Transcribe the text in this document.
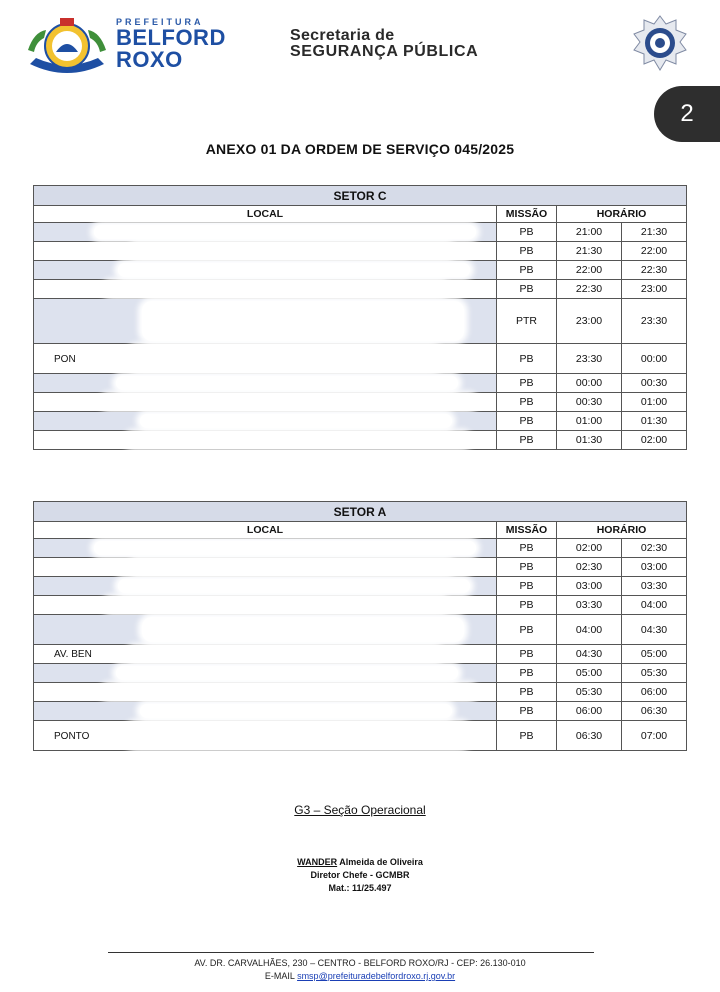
PREFEITURA
BELFORD
ROXO
Secretaria de
SEGURANÇA PÚBLICA
2
ANEXO 01 DA ORDEM DE SERVIÇO 045/2025
SETOR C			
LOCAL	MISSÃO	HORÁRIO	

	PB	21:00	21:30

	PB	21:30	22:00

	PB	22:00	22:30

	PB	22:30	23:00

	PTR	23:00	23:30
PON	PB	23:30	00:00

	PB	00:00	00:30

	PB	00:30	01:00

	PB	01:00	01:30

	PB	01:30	02:00
SETOR A			
LOCAL	MISSÃO	HORÁRIO	

	PB	02:00	02:30

	PB	02:30	03:00

	PB	03:00	03:30

	PB	03:30	04:00

	PB	04:00	04:30
AV. BEN	PB	04:30	05:00

	PB	05:00	05:30

	PB	05:30	06:00

	PB	06:00	06:30
PONTO	PB	06:30	07:00
G3 – Seção Operacional
WANDER Almeida de Oliveira
Diretor Chefe - GCMBR
Mat.: 11/25.497
AV. DR. CARVALHÃES, 230 – CENTRO - BELFORD ROXO/RJ - CEP: 26.130-010
E-MAIL smsp@prefeituradebelfordroxo.rj.gov.br
